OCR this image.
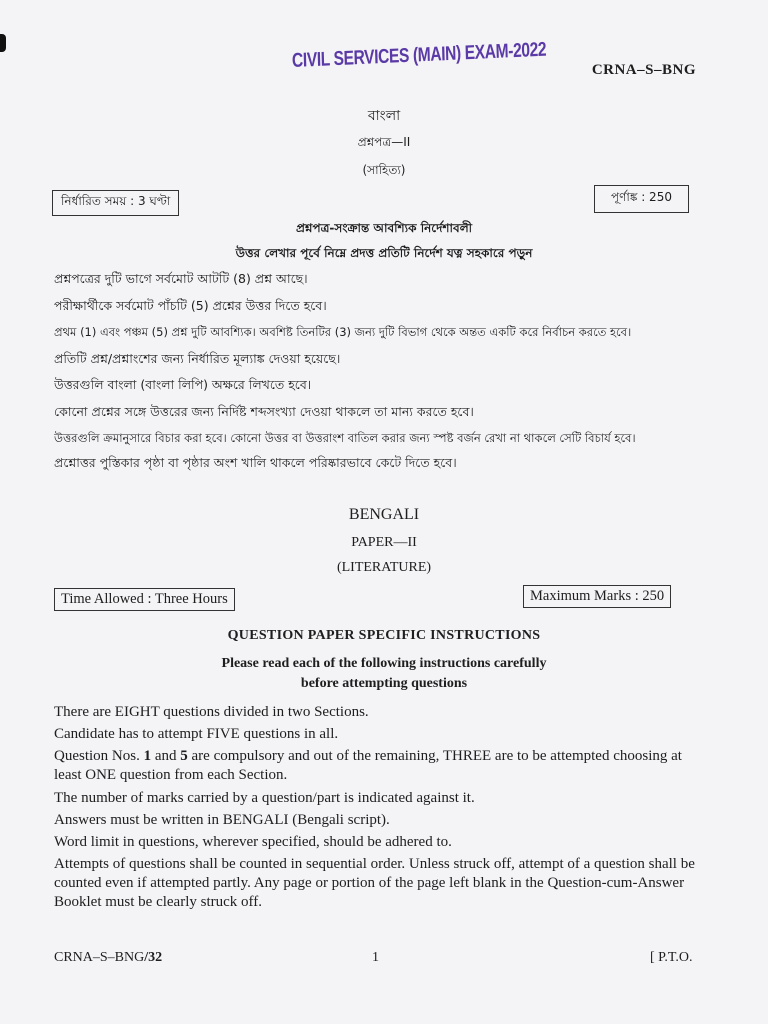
CIVIL SERVICES (MAIN) EXAM-2022	CRNA–S–BNG
বাংলা
প্রশ্নপত্র—II
(সাহিত্য)
নির্ধারিত সময় : 3 ঘণ্টা	পূর্ণাঙ্ক : 250
প্রশ্নপত্র-সংক্রান্ত আবশ্যিক নির্দেশাবলী
উত্তর লেখার পূর্বে নিম্নে প্রদত্ত প্রতিটি নির্দেশ যত্ন সহকারে পড়ুন
প্রশ্নপত্রের দুটি ভাগে সর্বমোট আটটি (8) প্রশ্ন আছে।
পরীক্ষার্থীকে সর্বমোট পাঁচটি (5) প্রশ্নের উত্তর দিতে হবে।
প্রথম (1) এবং পঞ্চম (5) প্রশ্ন দুটি আবশ্যিক। অবশিষ্ট তিনটির (3) জন্য দুটি বিভাগ থেকে অন্তত একটি করে নির্বাচন করতে হবে।
প্রতিটি প্রশ্ন/প্রশ্নাংশের জন্য নির্ধারিত মূল্যাঙ্ক দেওয়া হয়েছে।
উত্তরগুলি বাংলা (বাংলা লিপি) অক্ষরে লিখতে হবে।
কোনো প্রশ্নের সঙ্গে উত্তরের জন্য নির্দিষ্ট শব্দসংখ্যা দেওয়া থাকলে তা মান্য করতে হবে।
উত্তরগুলি ক্রমানুসারে বিচার করা হবে। কোনো উত্তর বা উত্তরাংশ বাতিল করার জন্য স্পষ্ট বর্জন রেখা না থাকলে সেটি বিচার্য হবে।
প্রশ্নোত্তর পুস্তিকার পৃষ্ঠা বা পৃষ্ঠার অংশ খালি থাকলে পরিষ্কারভাবে কেটে দিতে হবে।
BENGALI
PAPER—II
(LITERATURE)
Time Allowed : Three Hours	Maximum Marks : 250
QUESTION PAPER SPECIFIC INSTRUCTIONS
Please read each of the following instructions carefully
before attempting questions
There are EIGHT questions divided in two Sections.
Candidate has to attempt FIVE questions in all.
Question Nos. 1 and 5 are compulsory and out of the remaining, THREE are to be attempted choosing at least ONE question from each Section.
The number of marks carried by a question/part is indicated against it.
Answers must be written in BENGALI (Bengali script).
Word limit in questions, wherever specified, should be adhered to.
Attempts of questions shall be counted in sequential order. Unless struck off, attempt of a question shall be counted even if attempted partly. Any page or portion of the page left blank in the Question-cum-Answer Booklet must be clearly struck off.
CRNA–S–BNG/32	1	[ P.T.O.
